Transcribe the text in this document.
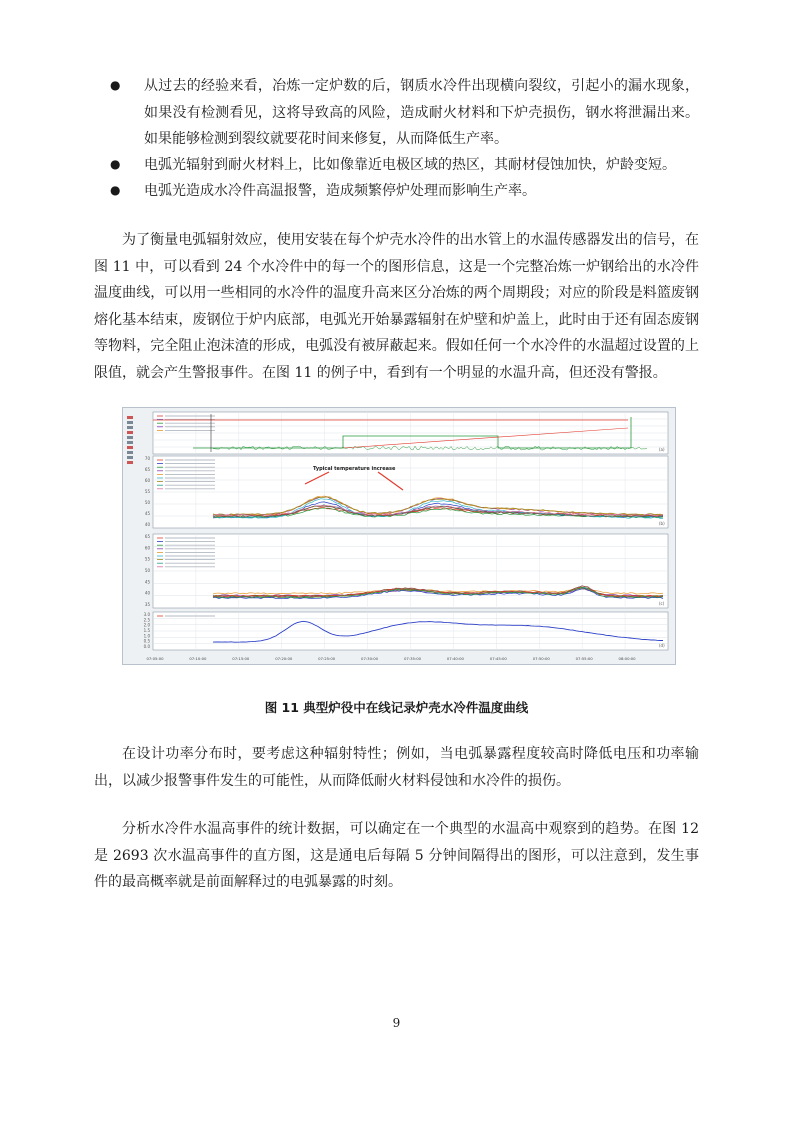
● 从过去的经验来看，冶炼一定炉数的后，钢质水冷件出现横向裂纹，引起小的漏水现象，如果没有检测看见，这将导致高的风险，造成耐火材料和下炉壳损伤，钢水将泄漏出来。如果能够检测到裂纹就要花时间来修复，从而降低生产率。

● 电弧光辐射到耐火材料上，比如像靠近电极区域的热区，其耐材侵蚀加快，炉龄变短。

● 电弧光造成水冷件高温报警，造成频繁停炉处理而影响生产率。

为了衡量电弧辐射效应，使用安装在每个炉壳水冷件的出水管上的水温传感器发出的信号，在图 11 中，可以看到 24 个水冷件中的每一个的图形信息，这是一个完整冶炼一炉钢给出的水冷件温度曲线，可以用一些相同的水冷件的温度升高来区分冶炼的两个周期段；对应的阶段是料篮废钢熔化基本结束，废钢位于炉内底部，电弧光开始暴露辐射在炉壁和炉盖上，此时由于还有固态废钢等物料，完全阻止泡沫渣的形成，电弧没有被屏蔽起来。假如任何一个水冷件的水温超过设置的上限值，就会产生警报事件。在图 11 的例子中，看到有一个明显的水温升高，但还没有警报。

(a)
(b)
70
65
60
55
50
45
40
(c)
65
60
55
50
45
40
35
(d)
3.0
2.5
2.0
1.5
1.0
0.5
0.0
07:05:00	07:10:00	07:15:00	07:20:00	07:25:00	07:30:00	07:35:00	07:40:00	07:45:00	07:50:00	07:55:00	08:00:00
Typical temperature increase
图 11 典型炉役中在线记录炉壳水冷件温度曲线

在设计功率分布时，要考虑这种辐射特性；例如，当电弧暴露程度较高时降低电压和功率输出，以减少报警事件发生的可能性，从而降低耐火材料侵蚀和水冷件的损伤。

分析水冷件水温高事件的统计数据，可以确定在一个典型的水温高中观察到的趋势。在图 12 是 2693 次水温高事件的直方图，这是通电后每隔 5 分钟间隔得出的图形，可以注意到，发生事件的最高概率就是前面解释过的电弧暴露的时刻。

9
